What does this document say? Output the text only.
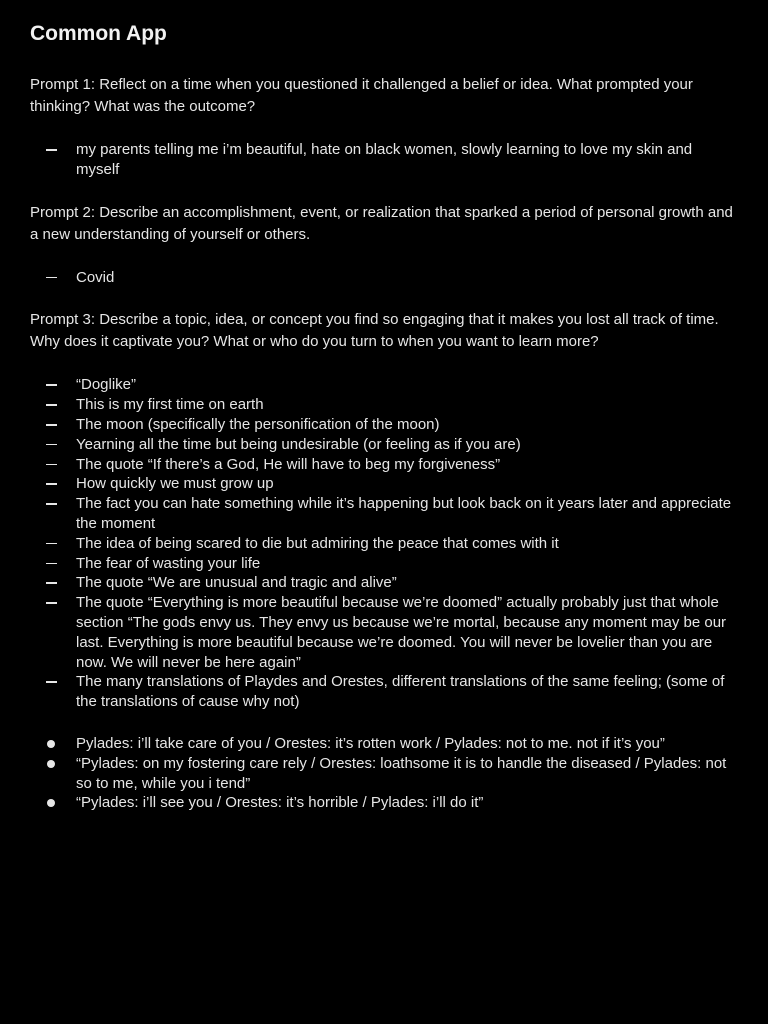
Common App
Prompt 1: Reflect on a time when you questioned it challenged a belief or idea. What prompted your thinking? What was the outcome?
my parents telling me i’m beautiful, hate on black women, slowly learning to love my skin and myself
Prompt 2: Describe an accomplishment, event, or realization that sparked a period of personal growth and a new understanding of yourself or others.
Covid
Prompt 3: Describe a topic, idea, or concept you find so engaging that it makes you lost all track of time. Why does it captivate you? What or who do you turn to when you want to learn more?
“Doglike”
This is my first time on earth
The moon (specifically the personification of the moon)
Yearning all the time but being undesirable (or feeling as if you are)
The quote “If there’s a God, He will have to beg my forgiveness”
How quickly we must grow up
The fact you can hate something while it’s happening but look back on it years later and appreciate the moment
The idea of being scared to die but admiring the peace that comes with it
The fear of wasting your life
The quote “We are unusual and tragic and alive”
The quote “Everything is more beautiful because we’re doomed” actually probably just that whole section “The gods envy us. They envy us because we’re mortal, because any moment may be our last. Everything is more beautiful because we’re doomed. You will never be lovelier than you are now. We will never be here again”
The many translations of Playdes and Orestes, different translations of the same feeling; (some of the translations of cause why not)
Pylades: i’ll take care of you / Orestes: it’s rotten work / Pylades: not to me. not if it’s you”
“Pylades: on my fostering care rely / Orestes: loathsome it is to handle the diseased / Pylades: not so to me, while you i tend”
“Pylades: i’ll see you / Orestes: it’s horrible / Pylades: i’ll do it”
